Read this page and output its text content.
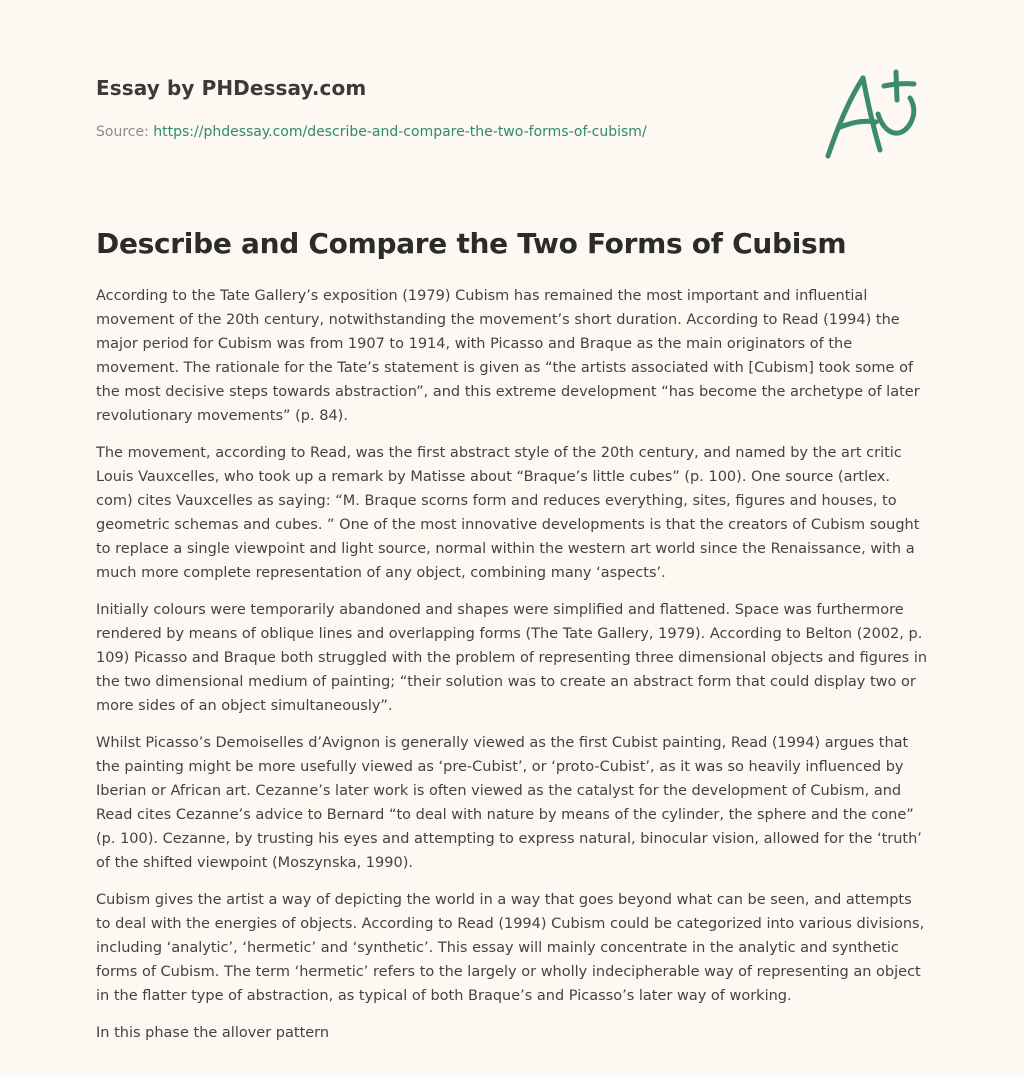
Essay by PHDessay.com
Source: https://phdessay.com/describe-and-compare-the-two-forms-of-cubism/
Describe and Compare the Two Forms of Cubism

According to the Tate Gallery’s exposition (1979) Cubism has remained the most important and influential movement of the 20th century, notwithstanding the movement’s short duration. According to Read (1994) the major period for Cubism was from 1907 to 1914, with Picasso and Braque as the main originators of the movement. The rationale for the Tate’s statement is given as “the artists associated with [Cubism] took some of the most decisive steps towards abstraction”, and this extreme development “has become the archetype of later revolutionary movements” (p. 84).

The movement, according to Read, was the first abstract style of the 20th century, and named by the art critic Louis Vauxcelles, who took up a remark by Matisse about “Braque’s little cubes” (p. 100). One source (artlex. com) cites Vauxcelles as saying: “M. Braque scorns form and reduces everything, sites, figures and houses, to geometric schemas and cubes. ” One of the most innovative developments is that the creators of Cubism sought to replace a single viewpoint and light source, normal within the western art world since the Renaissance, with a much more complete representation of any object, combining many ‘aspects’.

Initially colours were temporarily abandoned and shapes were simplified and flattened. Space was furthermore rendered by means of oblique lines and overlapping forms (The Tate Gallery, 1979). According to Belton (2002, p. 109) Picasso and Braque both struggled with the problem of representing three dimensional objects and figures in the two dimensional medium of painting; “their solution was to create an abstract form that could display two or more sides of an object simultaneously”.

Whilst Picasso’s Demoiselles d’Avignon is generally viewed as the first Cubist painting, Read (1994) argues that the painting might be more usefully viewed as ‘pre-Cubist’, or ‘proto-Cubist’, as it was so heavily influenced by Iberian or African art. Cezanne’s later work is often viewed as the catalyst for the development of Cubism, and Read cites Cezanne’s advice to Bernard “to deal with nature by means of the cylinder, the sphere and the cone” (p. 100). Cezanne, by trusting his eyes and attempting to express natural, binocular vision, allowed for the ‘truth’ of the shifted viewpoint (Moszynska, 1990).

Cubism gives the artist a way of depicting the world in a way that goes beyond what can be seen, and attempts to deal with the energies of objects. According to Read (1994) Cubism could be categorized into various divisions, including ‘analytic’, ‘hermetic’ and ‘synthetic’. This essay will mainly concentrate in the analytic and synthetic forms of Cubism. The term ‘hermetic’ refers to the largely or wholly indecipherable way of representing an object in the flatter type of abstraction, as typical of both Braque’s and Picasso’s later way of working.

In this phase the allover pattern
